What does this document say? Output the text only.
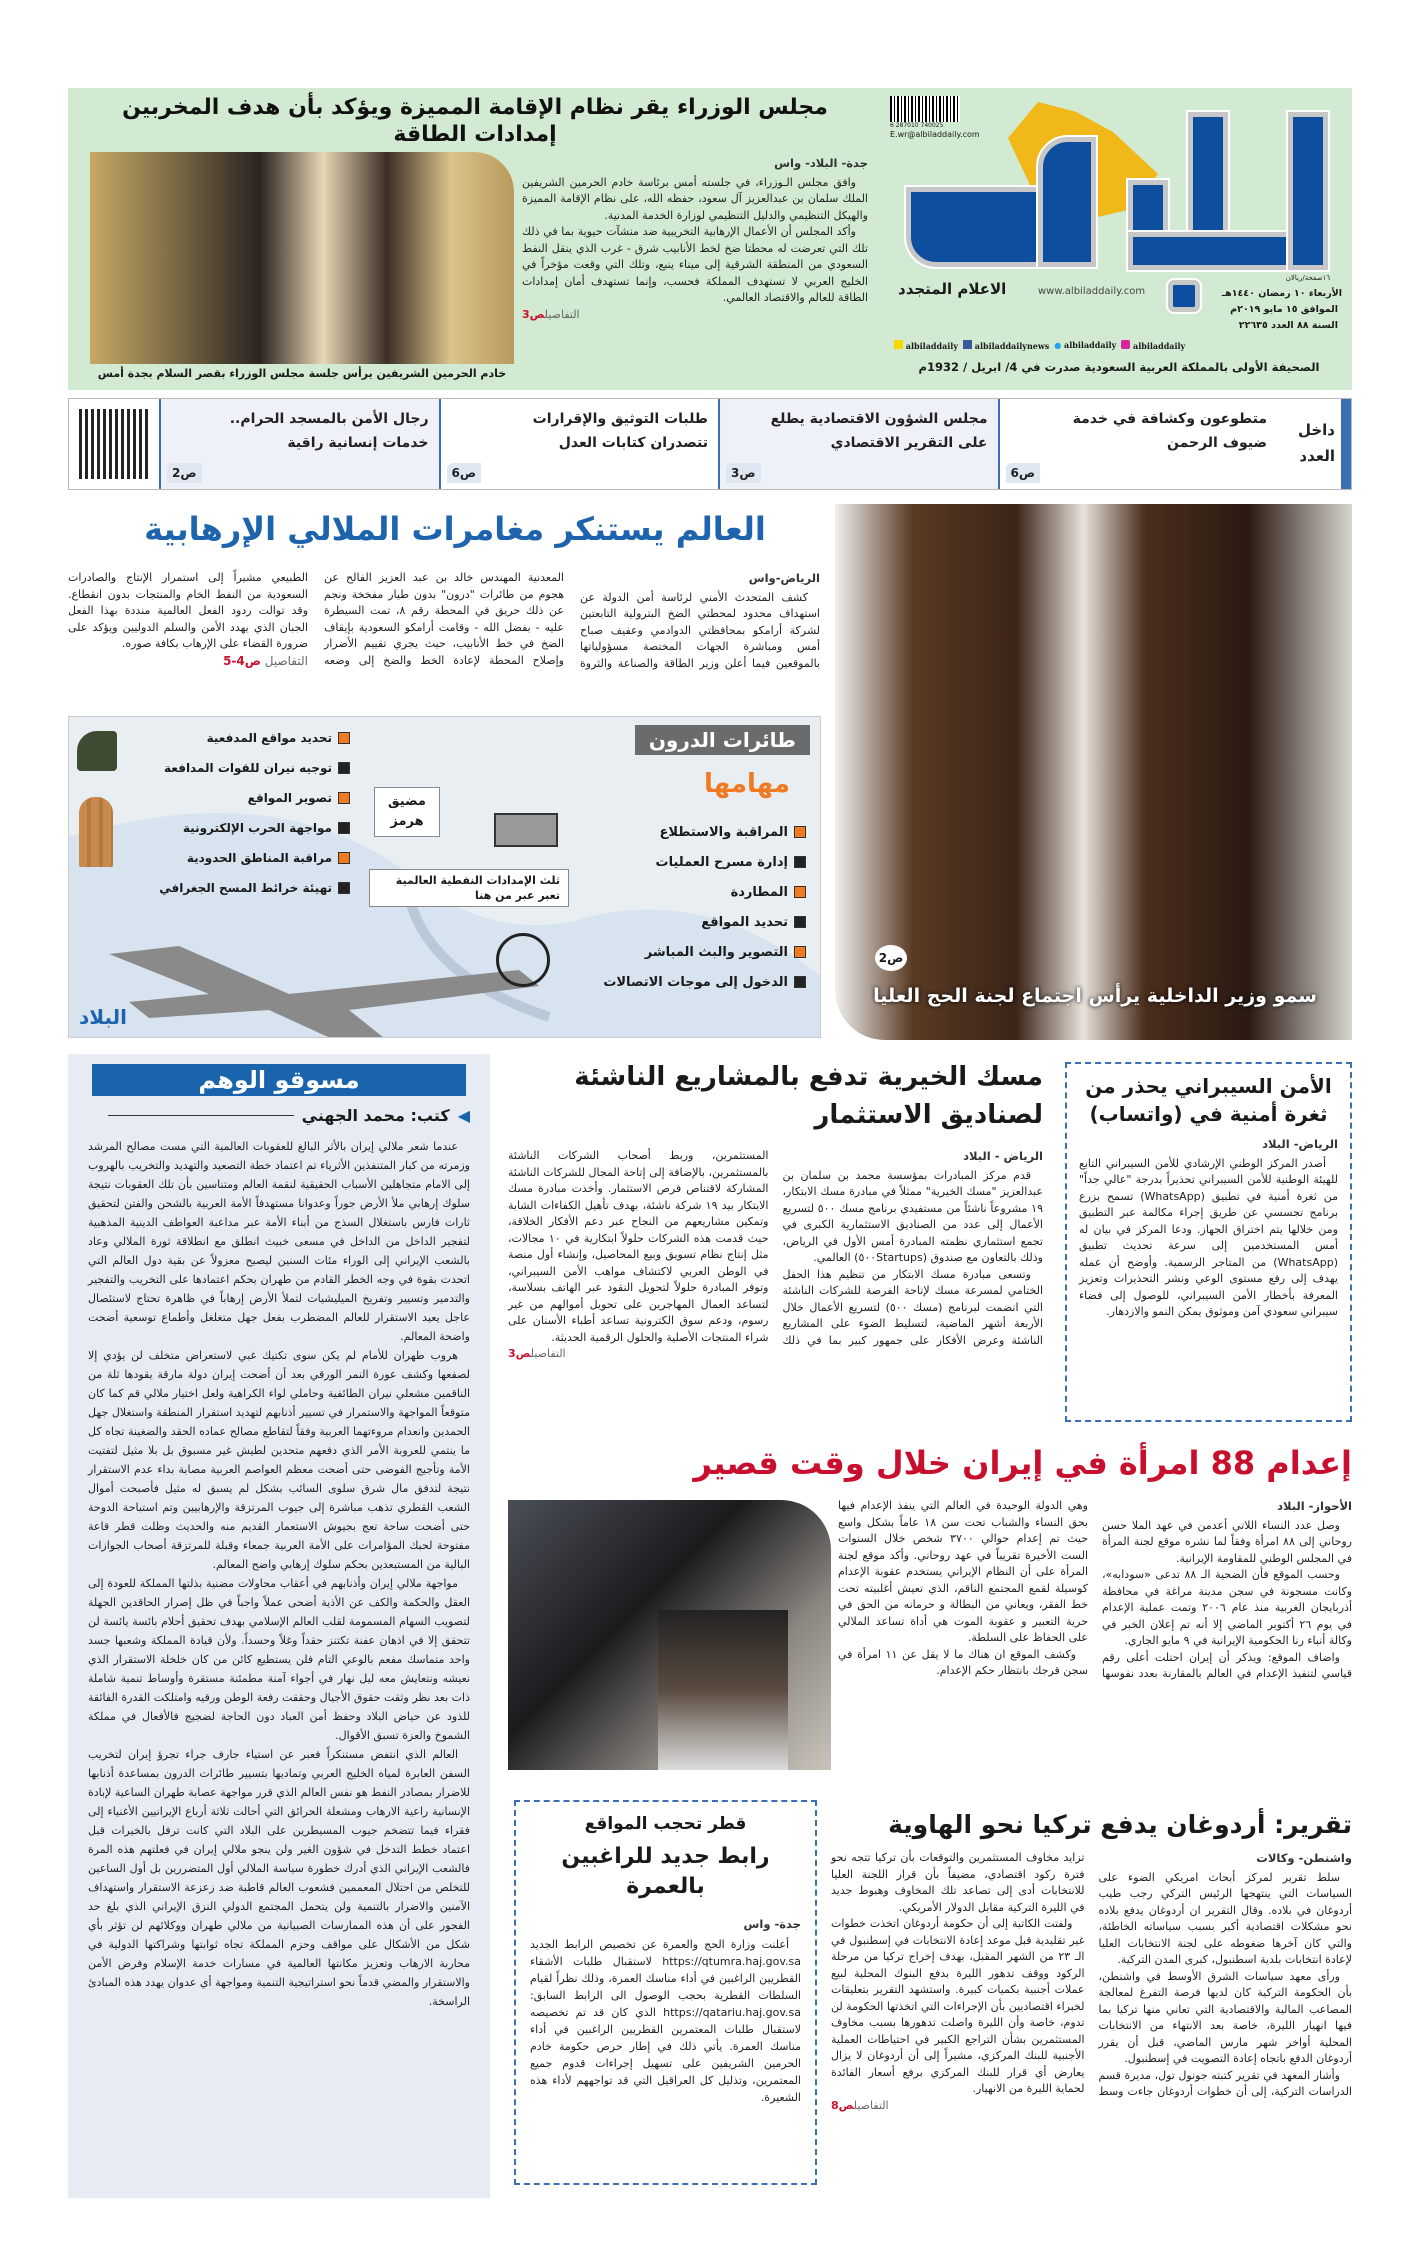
6 287010 740025
E.wr@albiladdaily.com
الاعلام المتجدد	www.albiladdaily.com
١٦صفحة/ريالان
الأربعاء ١٠ رمضان ١٤٤٠هـ
الموافق ١٥ مايو ٢٠١٩م
السنة ٨٨ العدد ٢٢٦٣٥
albiladdaily	albiladdailynews ● albiladdaily	albiladdaily
الصحيفة الأولى بالمملكة العربية السعودية صدرت في 4/ ابريل / 1932م
مجلس الوزراء يقر نظام الإقامة المميزة ويؤكد بأن هدف المخربين إمدادات الطاقة
خادم الحرمين الشريفين يرأس جلسة مجلس الوزراء بقصر السلام بجدة أمس
جدة- البلاد- واس

وافق مجلس الـوزراء، في جلسته أمس برئاسة خادم الحرمين الشريفين الملك سلمان بن عبدالعزيز آل سعود، حفظه الله، على نظام الإقامة المميزة والهيكل التنظيمي والدليل التنظيمي لوزارة الخدمة المدنية.

وأكد المجلس أن الأعمال الإرهابية التخريبية ضد منشآت حيوية بما في ذلك تلك التي تعرضت له محطتا ضخ لخط الأنابيب شرق - غرب الذي ينقل النفط السعودي من المنطقة الشرقية إلى ميناء ينبع، وتلك التي وقعت مؤخراً في الخليج العربي لا تستهدف المملكة فحسب، وإنما تستهدف أمان إمدادات الطاقة للعالم والاقتصاد العالمي.

التفاصيلص3
داخل العدد
متطوعون وكشافة في خدمة ضيوف الرحمن
ص6
مجلس الشؤون الاقتصادية يطلع على التقرير الاقتصادي
ص3
طلبات التوثيق والإقرارات تتصدران كتابات العدل
ص6
رجال الأمن بالمسجد الحرام.. خدمات إنسانية راقية
ص2
العالم يستنكر مغامرات الملالي الإرهابية
الرياض-واس

كشف المتحدث الأمني لرئاسة أمن الدولة عن استهداف محدود لمحطتي الضخ البترولية التابعتين لشركة أرامكو بمحافظتي الدوادمي وعفيف صباح أمس ومباشرة الجهات المختصة مسؤولياتها بالموقعين فيما أعلن وزير الطاقة والصناعة والثروة المعدنية المهندس خالد بن عبد العزيز الفالح عن هجوم من طائرات "درون" بدون طيار مفخخة ونجم عن ذلك حريق في المحطة رقم ٨، تمت السيطرة عليه - بفضل الله - وقامت أرامكو السعودية بإيقاف الضخ في خط الأنابيب، حيث يجري تقييم الأضرار وإصلاح المحطة لإعادة الخط والضخ إلى وضعه الطبيعي مشيراً إلى استمرار الإنتاج والصادرات السعودية من النفط الخام والمنتجات بدون انقطاع. وقد توالت ردود الفعل العالمية منددة بهذا الفعل الجبان الذي يهدد الأمن والسلم الدوليين ويؤكد على ضرورة القضاء على الإرهاب بكافة صوره.

التفاصيل ص4-5
طائرات الدرون
مهامها
المراقبة والاستطلاع
إدارة مسرح العمليات
المطاردة
تحديد المواقع
التصوير والبث المباشر
الدخول إلى موجات الاتصالات
تحديد مواقع المدفعية
توجيه نيران للقوات المدافعة
تصوير المواقع
مواجهة الحرب الإلكترونية
مراقبة المناطق الحدودية
تهيئة خرائط المسح الجغرافي
مضيق هرمز
ثلث الإمدادات النفطية العالمية تعبر عبر من هنا
البلاد
ص2
سمو وزير الداخلية يرأس اجتماع لجنة الحج العليا
مسوقو الوهم
◀
كتب: محمد الجهني

عندما شعر ملالي إيران بالأثر البالغ للعقوبات العالمية التي مست مصالح المرشد وزمرته من كبار المتنفذين الأثرياء تم اعتماد خطة التصعيد والتهديد والتخريب بالهروب إلى الامام متجاهلين الأسباب الحقيقية لنقمة العالم ومتناسين بأن تلك العقوبات نتيجة سلوك إرهابي ملأ الأرض جوراً وعدوانا مستهدفاً الأمة العربية بالشحن والفتن لتحقيق ثارات فارس باستغلال السذج من أبناء الأمة عبر مداعبة العواطف الدينية المذهبية لتفجير الداخل من الداخل في مسعى خبيث انطلق مع انطلاقة ثورة الملالي وعاد بالشعب الإيراني إلى الوراء مئات السنين ليصبح معزولاً عن بقية دول العالم التي اتحدت بقوة في وجه الخطر القادم من طهران بحكم اعتمادها على التخريب والتفجير والتدمير وتسيير وتفريخ الميليشيات لتملأ الأرض إرهاباً في ظاهرة تحتاج لاستئصال عاجل يعيد الاستقرار للعالم المضطرب بفعل جهل متغلغل وأطماع توسعية أضحت واضحة المعالم.

هروب طهران للأمام لم يكن سوى تكتيك غبي لاستعراض متخلف لن يؤدي إلا لصفعها وكشف عورة النمر الورقي بعد أن أضحت إيران دولة مارقة يقودها ثلة من الناقمين مشعلي نيران الطائفية وحاملي لواء الكراهية ولعل اختيار ملالي قم كما كان متوقعاً المواجهة والاستمرار في تسيير أذنابهم لتهديد استقرار المنطقة واستغلال جهل الحمدين وانعدام مروءتهما العربية وفقاً لتقاطع مصالح عماده الحقد والضغينة تجاه كل ما ينتمي للعروبة الأمر الذي دفعهم متحدين لطيش غير مسبوق بل بلا مثيل لتفتيت الأمة وتأجيج الفوضى حتى أضحت معظم العواصم العربية مصابة بداء عدم الاستقرار نتيجة لتدفق مال شرق سلوى السائب بشكل لم يسبق له مثيل فأصبحت أموال الشعب القطري تذهب مباشرة إلى جيوب المرتزقة والإرهابيين وتم استباحة الدوحة حتى أضحت ساحة تعج بجيوش الاستعمار القديم منه والحديث وظلت قطر قاعة مفتوحة لحبك المؤامرات على الأمة العربية جمعاء وقبلة للمرتزقة أصحاب الجوازات البالية من المستبعدين بحكم سلوك إرهابي واضح المعالم.

مواجهة ملالي إيران وأذنابهم في أعقاب محاولات مضنية بذلتها المملكة للعودة إلى العقل والحكمة والكف عن الأذية أضحى عملاً واجباً في ظل إصرار الحاقدين الجهلة لتصويب السهام المسمومة لقلب العالم الإسلامي بهدف تحقيق أحلام بائسة يائسة لن تتحقق إلا في اذهان عفنة تكتنز حقداً وغلاً وحسداً. ولأن قيادة المملكة وشعبها جسد واحد متماسك مفعم بالوعي التام فلن يستطيع كائن من كان خلخلة الاستقرار الذي نعيشه ونتعايش معه ليل نهار في أجواء آمنة مطمئنة مستقرة وأوساط تنمية شاملة ذات بعد نظر وثقت حقوق الأجيال وحققت رفعة الوطن ورقيه وامتلكت القدرة الفائقة للذود عن حياض البلاد وحفظ أمن العباد دون الحاجة لضجيج فالأفعال في مملكة الشموخ والعزة تسبق الأقوال.

العالم الذي انتفض مستنكراً فعبر عن استياء جارف جراء تجرؤ إيران لتخريب السفن العابرة لمياه الخليج العربي وتماديها بتسيير طائرات الدرون بمساعدة أذنابها للاضرار بمصادر النفط هو نفس العالم الذي قرر مواجهة عصابة طهران الساعية لإبادة الإنسانية راعية الارهاب ومشعلة الحرائق التي أحالت ثلاثة أرباع الإيرانيين الأغنياء إلى فقراء فيما تتضخم جيوب المسيطرين على البلاد التي كانت ترفل بالخيرات قبل اعتماد خطط التدخل في شؤون الغير ولن ينجو ملالي إيران في فعلتهم هذه المرة فالشعب الإيراني الذي أدرك خطورة سياسة الملالي أول المتضررين بل أول الساعين للتخلص من احتلال المعممين فشعوب العالم قاطبة ضد زعزعة الاستقرار واستهداف الآمنين والاضرار بالتنمية ولن يتحمل المجتمع الدولي النزق الإيراني الذي بلغ حد الفجور على أن هذه الممارسات الصبيانية من ملالي طهران ووكلائهم لن تؤثر بأي شكل من الأشكال على مواقف وحزم المملكة تجاه ثوابتها وشراكتها الدولية في محاربة الارهاب وتعزيز مكانتها العالمية في مسارات خدمة الإسلام وفرض الأمن والاستقرار والمضي قدماً نحو استراتيجية التنمية ومواجهة أي عدوان يهدد هذه المبادئ الراسخة.

مسك الخيرية تدفع بالمشاريع الناشئة لصناديق الاستثمار
الرياض - البلاد

قدم مركز المبادرات بمؤسسة محمد بن سلمان بن عبدالعزيز "مسك الخيرية" ممثلاً في مبادرة مسك الابتكار، ١٩ مشروعاً ناشئاً من مستفيدي برنامج مسك ٥٠٠ لتسريع الأعمال إلى عدد من الصناديق الاستثمارية الكبرى في تجمع استثماري نظمته المبادرة أمس الأول في الرياض، وذلك بالتعاون مع صندوق (٥٠٠Startups) العالمي.

وتسعى مبادرة مسك الابتكار من تنظيم هذا الحفل الختامي لمسرعة مسك لإتاحة الفرصة للشركات الناشئة التي انضمت لبرنامج (مسك ٥٠٠) لتسريع الأعمال خلال الأربعة أشهر الماضية، لتسليط الضوء على المشاريع الناشئة وعرض الأفكار على جمهور كبير بما في ذلك المستثمرين، وربط أصحاب الشركات الناشئة بالمستثمرين، بالإضافة إلى إتاحة المجال للشركات الناشئة المشاركة لاقتناص فرص الاستثمار. وأخذت مبادرة مسك الابتكار بيد ١٩ شركة ناشئة، بهدف تأهيل الكفاءات الشابة وتمكين مشاريعهم من النجاح عبر دعم الأفكار الخلاقة، حيث قدمت هذه الشركات حلولاً ابتكارية في ١٠ مجالات، مثل إنتاج نظام تسويق وبيع المحاصيل، وإنشاء أول منصة في الوطن العربي لاكتشاف مواهب الأمن السيبراني، وتوفر المبادرة حلولاً لتحويل النقود عبر الهاتف بسلاسة، لتساعد العمال المهاجرين على تحويل أموالهم من غير رسوم، ودعم سوق الكترونية تساعد أطباء الأسنان على شراء المنتجات الأصلية والحلول الرقمية الحديثة.

التفاصيلص3
الأمن السيبراني يحذر من ثغرة أمنية في (واتساب)
الرياض- البلاد

أصدر المركز الوطني الإرشادي للأمن السيبراني التابع للهيئة الوطنية للأمن السيبراني تحذيراً بدرجة "عالي جداً" من ثغرة أمنية في تطبيق (WhatsApp) تسمح بزرع برنامج تجسسي عن طريق إجراء مكالمة عبر التطبيق ومن خلالها يتم اختراق الجهاز. ودعا المركز في بيان له أمس المستخدمين إلى سرعة تحديث تطبيق (WhatsApp) من المتاجر الرسمية. وأوضح أن عمله يهدف إلى رفع مستوى الوعي ونشر التحذيرات وتعزيز المعرفة بأخطار الأمن السيبراني، للوصول إلى فضاء سيبراني سعودي آمن وموثوق يمكن النمو والازدهار.

إعدام 88 امرأة في إيران خلال وقت قصير
الأحواز- البلاد

وصل عدد النساء اللاتي أعدمن في عهد الملا حسن روحاني إلى ٨٨ امرأة وفقاً لما نشره موقع لجنة المرأة في المجلس الوطني للمقاومة الإيرانية.

وحسب الموقع فأن الضحية الـ ٨٨ تدعى «سودابه»، وكانت مسجونة في سجن مدينة مراغة في محافظة أذربايجان الغربية منذ عام ٢٠٠٦ وتمت عملية الإعدام في يوم ٢٦ أكتوبر الماضي إلا أنه تم إعلان الخبر في وكالة أنباء رنا الحكومية الإيرانية في ٩ مايو الجاري.

واضاف الموقع: ويذكر أن إيران احتلت أعلى رقم قياسي لتنفيذ الإعدام في العالم بالمقارنة بعدد نفوسها وهي الدولة الوحيدة في العالم التي ينفذ الإعدام فيها بحق النساء والشباب تحت سن ١٨ عاماً بشكل واسع حيث تم إعدام حوالي ٣٧٠٠ شخص خلال السنوات الست الأخيرة تقريباً في عهد روحاني. وأكد موقع لجنة المرأة على أن النظام الإيراني يستخدم عقوبة الإعدام كوسيلة لقمع المجتمع الناقم، الذي تعيش أغلبيته تحت خط الفقر، ويعاني من البطالة و حرمانه من الحق في حرية التعبير و عقوبة الموت هي أداة تساعد الملالي على الحفاظ على السلطة.

وكشف الموقع ان هناك ما لا يقل عن ١١ امرأة في سجن قرجك بانتظار حكم الإعدام.

تقرير: أردوغان يدفع تركيا نحو الهاوية
واشنطن- وكالات

سلط تقرير لمركز أبحاث امريكي الضوء على السياسات التي ينتهجها الرئيس التركي رجب طيب أردوغان في بلاده. وقال التقرير ان أردوغان يدفع بلاده نحو مشكلات اقتصادية أكبر بسبب سياساته الخاطئة، والتي كان آخرها ضغوطه على لجنة الانتخابات العليا لإعادة انتخابات بلدية اسطنبول، كبرى المدن التركية.

ورأى معهد سياسات الشرق الأوسط في واشنطن، بأن الحكومة التركية كان لديها فرصة التفرغ لمعالجة المصاعب المالية والاقتصادية التي تعاني منها تركيا بما فيها انهيار الليرة، خاصة بعد الانتهاء من الانتخابات المحلية أواخر شهر مارس الماضي، قبل أن يقرر أردوغان الدفع باتجاه إعادة التصويت في إسطنبول.

وأشار المعهد في تقرير كتبته جونول تول، مديرة قسم الدراسات التركية، إلى أن خطوات أردوغان جاءت وسط تزايد مخاوف المستثمرين والتوقعات بأن تركيا تتجه نحو فترة ركود اقتصادي، مضيفاً بأن قرار اللجنة العليا للانتخابات أدى إلى تصاعد تلك المخاوف وهبوط جديد في الليرة التركية مقابل الدولار الأمريكي.

ولفتت الكاتبة إلى أن حكومة أردوغان اتخذت خطوات غير تقليدية قبل موعد إعادة الانتخابات في إسطنبول في الـ ٢٣ من الشهر المقبل، بهدف إخراج تركيا من مرحلة الركود ووقف تدهور الليرة بدفع البنوك المحلية لبيع عملات أجنبية بكميات كبيرة. واستشهد التقرير بتعليقات لخبراء اقتصاديين بأن الإجراءات التي اتخذتها الحكومة لن تدوم، خاصة وأن الليرة واصلت تدهورها بسبب مخاوف المستثمرين بشأن التراجع الكبير في احتياطات العملية الأجنبية للبنك المركزي، مشيراً إلى أن أردوغان لا يزال يعارض أي قرار للبنك المركزي برفع أسعار الفائدة لحماية الليرة من الانهيار.

التفاصيلص8
قطر تحجب المواقع
رابط جديد للراغبين بالعمرة
جدة- واس

أعلنت وزارة الحج والعمرة عن تخصيص الرابط الجديد https://qtumra.haj.gov.sa لاستقبال طلبات الأشقاء القطريين الراغبين في أداء مناسك العمرة، وذلك نظراً لقيام السلطات القطرية بحجب الوصول الى الرابط السابق: https://qatariu.haj.gov.sa الذي كان قد تم تخصيصه لاستقبال طلبات المعتمرين القطريين الراغبين في أداء مناسك العمرة. يأتي ذلك في إطار حرص حكومة خادم الحرمين الشريفين على تسهيل إجراءات قدوم جميع المعتمرين، وتذليل كل العراقيل التي قد تواجههم لأداء هذه الشعيرة.
